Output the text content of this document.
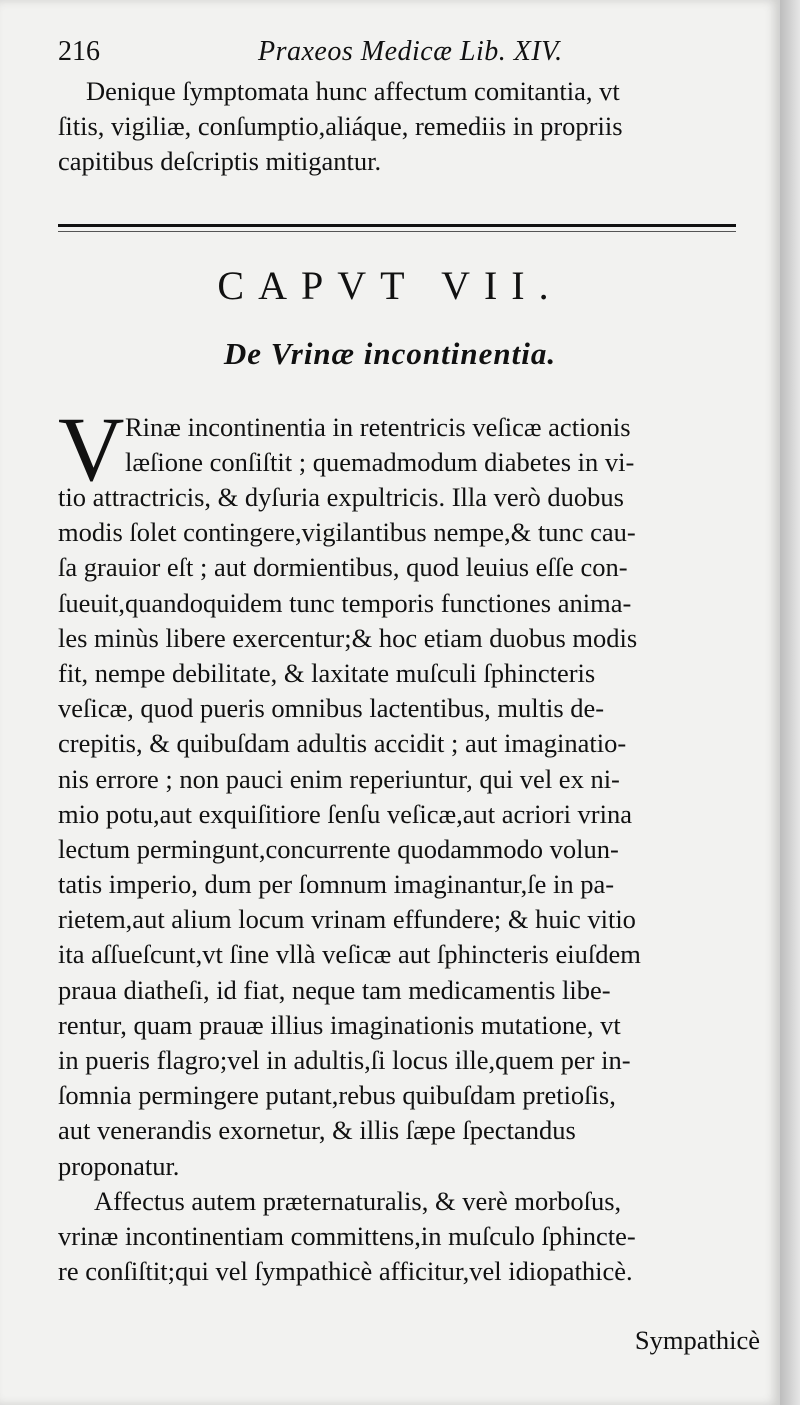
216	Praxeos Medicæ Lib. XIV.
Denique ſymptomata hunc affectum comitantia, vt
ſitis, vigiliæ, conſumptio,aliáque, remediis in propriis
capitibus deſcriptis mitigantur.
CAPVT VII.
De Vrinæ incontinentia.
V Rinæ incontinentia in retentricis veſicæ actionis
læſione conſiſtit ; quemadmodum diabetes in vi-
tio attractricis, & dyſuria expultricis. Illa verò duobus
modis ſolet contingere,vigilantibus nempe,& tunc cau-
ſa grauior eſt ; aut dormientibus, quod leuius eſſe con-
ſueuit,quandoquidem tunc temporis functiones anima-
les minùs libere exercentur;& hoc etiam duobus modis
fit, nempe debilitate, & laxitate muſculi ſphincteris
veſicæ, quod pueris omnibus lactentibus, multis de-
crepitis, & quibuſdam adultis accidit ; aut imaginatio-
nis errore ; non pauci enim reperiuntur, qui vel ex ni-
mio potu,aut exquiſitiore ſenſu veſicæ,aut acriori vrina
lectum permingunt,concurrente quodammodo volun-
tatis imperio, dum per ſomnum imaginantur,ſe in pa-
rietem,aut alium locum vrinam effundere; & huic vitio
ita aſſueſcunt,vt ſine vllà veſicæ aut ſphincteris eiuſdem
praua diatheſi, id fiat, neque tam medicamentis libe-
rentur, quam prauæ illius imaginationis mutatione, vt
in pueris flagro;vel in adultis,ſi locus ille,quem per in-
ſomnia permingere putant,rebus quibuſdam pretioſis,
aut venerandis exornetur, & illis ſæpe ſpectandus
proponatur.
Affectus autem præternaturalis, & verè morboſus,
vrinæ incontinentiam committens,in muſculo ſphincte-
re conſiſtit;qui vel ſympathicè afficitur,vel idiopathicè.
Sympathicè
